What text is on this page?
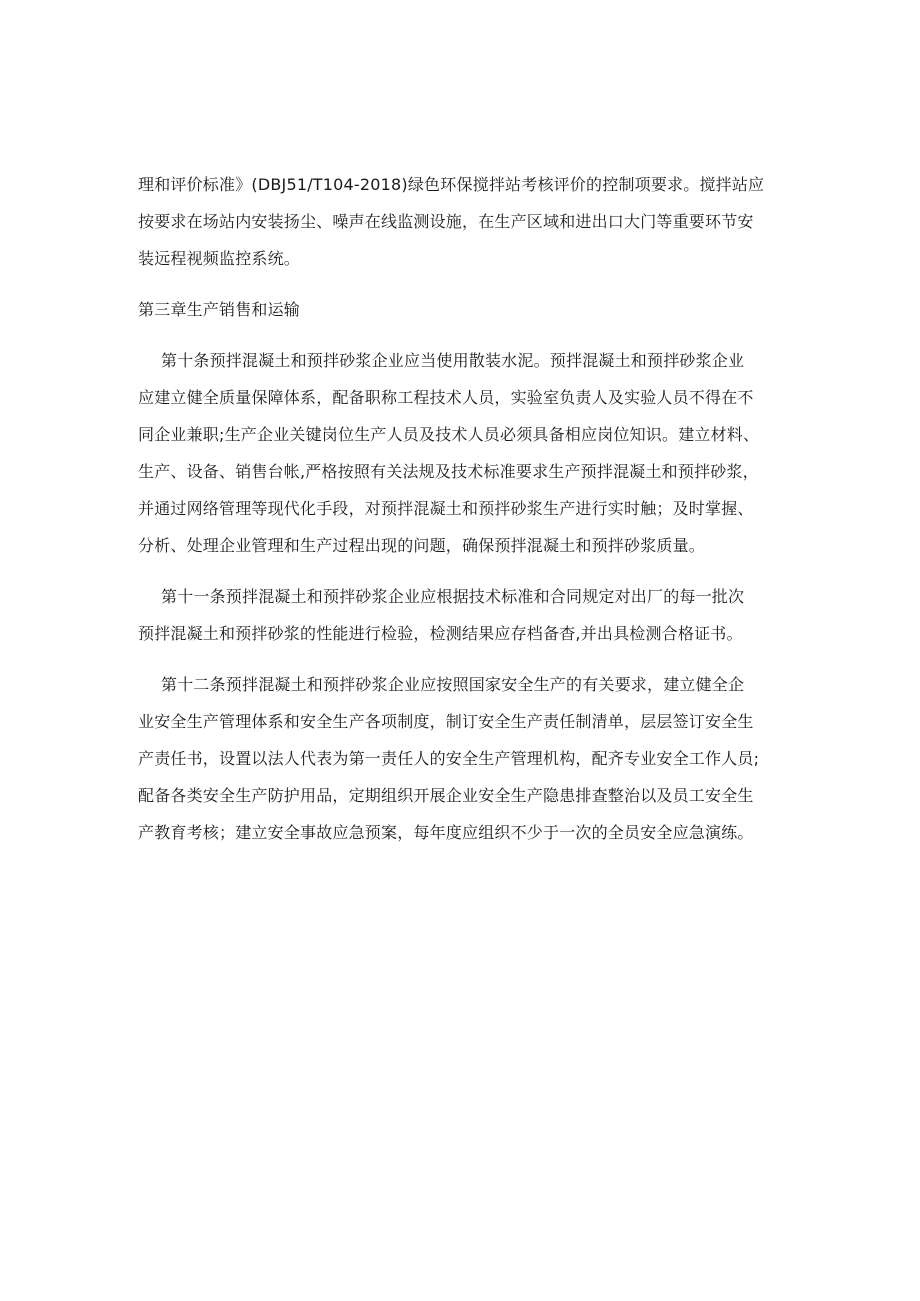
理和评价标准》(DBJ51/T104-2018)绿色环保搅拌站考核评价的控制项要求。搅拌站应
按要求在场站内安装扬尘、噪声在线监测设施，在生产区域和进出口大门等重要环节安
装远程视频监控系统。
第三章生产销售和运输
第十条预拌混凝土和预拌砂浆企业应当使用散装水泥。预拌混凝土和预拌砂浆企业
应建立健全质量保障体系，配备职称工程技术人员，实验室负责人及实验人员不得在不
同企业兼职;生产企业关键岗位生产人员及技术人员必须具备相应岗位知识。建立材料、
生产、设备、销售台帐,严格按照有关法规及技术标准要求生产预拌混凝土和预拌砂浆，
并通过网络管理等现代化手段，对预拌混凝土和预拌砂浆生产进行实时触；及时掌握、
分析、处理企业管理和生产过程出现的问题，确保预拌混凝土和预拌砂浆质量。
第十一条预拌混凝土和预拌砂浆企业应根据技术标准和合同规定对出厂的每一批次
预拌混凝土和预拌砂浆的性能进行检验，检测结果应存档备杳,并出具检测合格证书。
第十二条预拌混凝土和预拌砂浆企业应按照国家安全生产的有关要求，建立健全企
业安全生产管理体系和安全生产各项制度，制订安全生产责任制清单，层层签订安全生
产责任书，设置以法人代表为第一责任人的安全生产管理机构，配齐专业安全工作人员;
配备各类安全生产防护用品，定期组织开展企业安全生产隐患排查整治以及员工安全生
产教育考核；建立安全事故应急预案，每年度应组织不少于一次的全员安全应急演练。
